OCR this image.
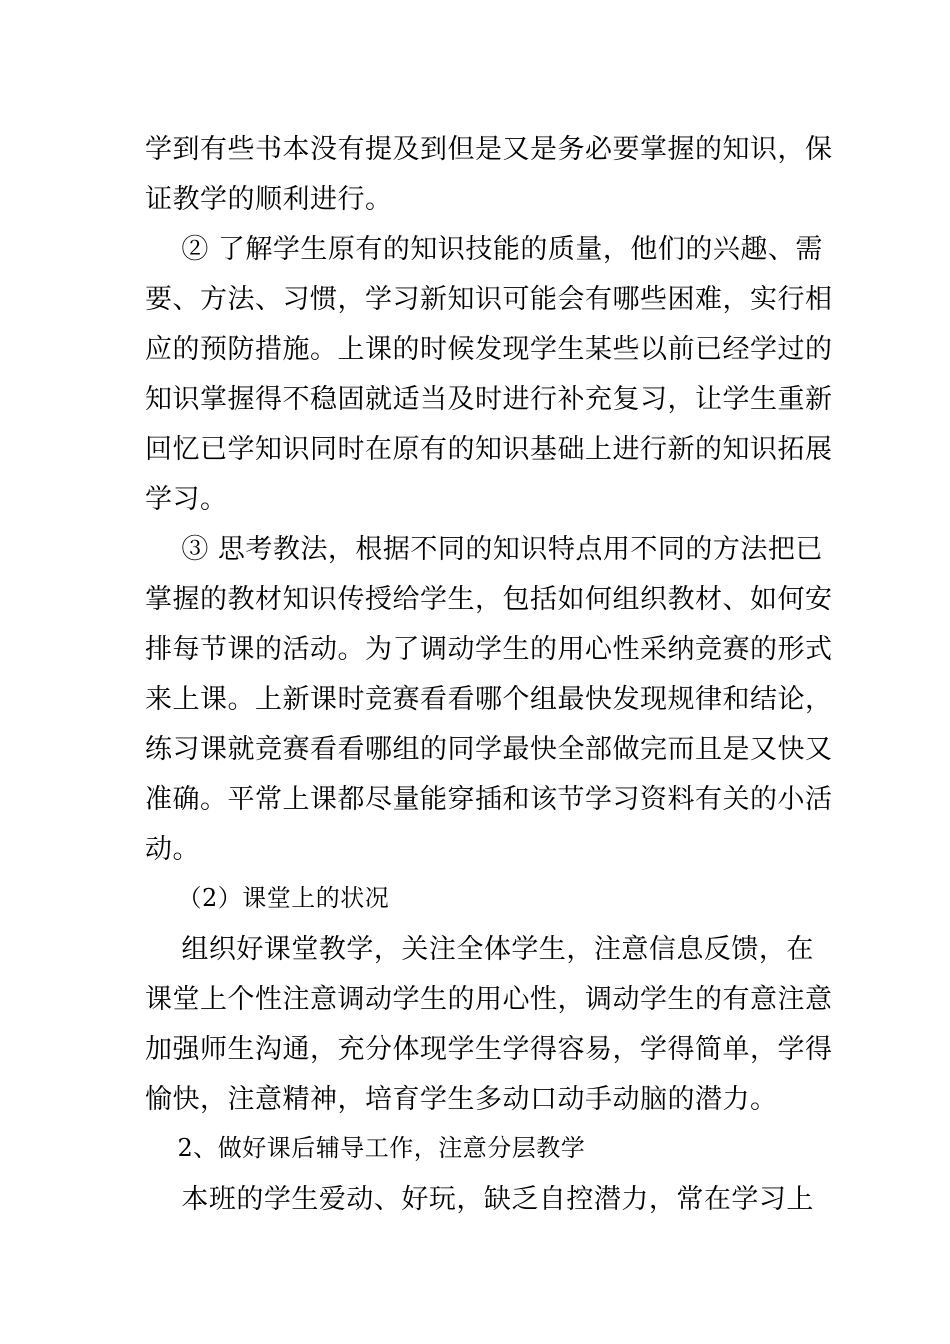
学到有些书本没有提及到但是又是务必要掌握的知识，保
证教学的顺利进行。
② 了解学生原有的知识技能的质量，他们的兴趣、需
要、方法、习惯，学习新知识可能会有哪些困难，实行相
应的预防措施。上课的时候发现学生某些以前已经学过的
知识掌握得不稳固就适当及时进行补充复习，让学生重新
回忆已学知识同时在原有的知识基础上进行新的知识拓展
学习。
③ 思考教法，根据不同的知识特点用不同的方法把已
掌握的教材知识传授给学生，包括如何组织教材、如何安
排每节课的活动。为了调动学生的用心性采纳竞赛的形式
来上课。上新课时竞赛看看哪个组最快发现规律和结论，
练习课就竞赛看看哪组的同学最快全部做完而且是又快又
准确。平常上课都尽量能穿插和该节学习资料有关的小活
动。
（2）课堂上的状况
组织好课堂教学，关注全体学生，注意信息反馈，在
课堂上个性注意调动学生的用心性，调动学生的有意注意
加强师生沟通，充分体现学生学得容易，学得简单，学得
愉快，注意精神，培育学生多动口动手动脑的潜力。
2、做好课后辅导工作，注意分层教学
本班的学生爱动、好玩，缺乏自控潜力，常在学习上
